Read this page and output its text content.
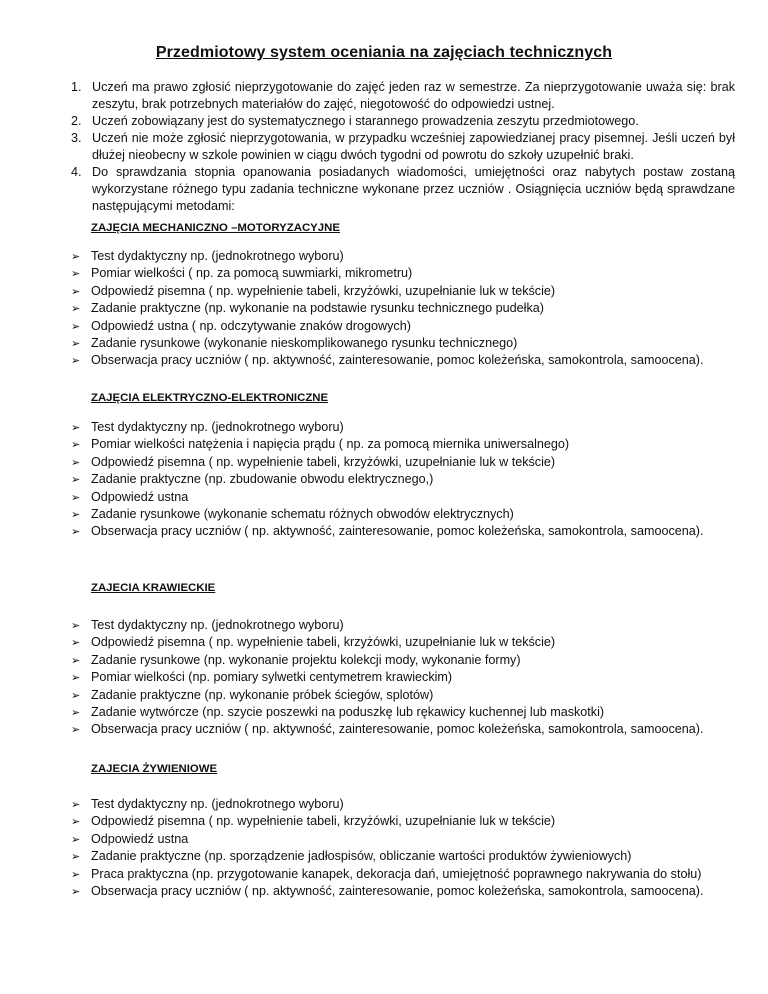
Przedmiotowy system oceniania na zajęciach technicznych
1. Uczeń ma prawo zgłosić nieprzygotowanie do zajęć jeden raz w semestrze. Za nieprzygotowanie uważa się: brak zeszytu, brak potrzebnych materiałów do zajęć, niegotowość do odpowiedzi ustnej.
2. Uczeń zobowiązany jest do systematycznego i starannego prowadzenia zeszytu przedmiotowego.
3. Uczeń nie może zgłosić nieprzygotowania, w przypadku wcześniej zapowiedzianej pracy pisemnej. Jeśli uczeń był dłużej nieobecny w szkole powinien w ciągu dwóch tygodni od powrotu do szkoły uzupełnić braki.
4. Do sprawdzania stopnia opanowania posiadanych wiadomości, umiejętności oraz nabytych postaw zostaną wykorzystane różnego typu zadania techniczne wykonane przez uczniów . Osiągnięcia uczniów będą sprawdzane następującymi metodami:
ZAJĘCIA MECHANICZNO –MOTORYZACYJNE
➢ Test dydaktyczny np. (jednokrotnego wyboru)
➢ Pomiar wielkości ( np. za pomocą suwmiarki, mikrometru)
➢ Odpowiedź pisemna ( np. wypełnienie tabeli, krzyżówki, uzupełnianie luk w tekście)
➢ Zadanie praktyczne (np. wykonanie na podstawie rysunku technicznego pudełka)
➢ Odpowiedź ustna ( np. odczytywanie znaków drogowych)
➢ Zadanie rysunkowe (wykonanie nieskomplikowanego rysunku technicznego)
➢ Obserwacja pracy uczniów ( np. aktywność, zainteresowanie, pomoc koleżeńska, samokontrola, samoocena).
ZAJĘCIA ELEKTRYCZNO-ELEKTRONICZNE
➢ Test dydaktyczny np. (jednokrotnego wyboru)
➢ Pomiar wielkości natężenia i napięcia prądu ( np. za pomocą miernika uniwersalnego)
➢ Odpowiedź pisemna ( np. wypełnienie tabeli, krzyżówki, uzupełnianie luk w tekście)
➢ Zadanie praktyczne (np. zbudowanie obwodu elektrycznego,)
➢ Odpowiedź ustna
➢ Zadanie rysunkowe (wykonanie schematu różnych obwodów elektrycznych)
➢ Obserwacja pracy uczniów ( np. aktywność, zainteresowanie, pomoc koleżeńska, samokontrola, samoocena).
ZAJECIA KRAWIECKIE
➢ Test dydaktyczny np. (jednokrotnego wyboru)
➢ Odpowiedź pisemna ( np. wypełnienie tabeli, krzyżówki, uzupełnianie luk w tekście)
➢ Zadanie rysunkowe (np. wykonanie projektu kolekcji mody, wykonanie formy)
➢ Pomiar wielkości (np. pomiary sylwetki centymetrem krawieckim)
➢ Zadanie praktyczne (np. wykonanie próbek ściegów, splotów)
➢ Zadanie wytwórcze (np. szycie poszewki na poduszkę lub rękawicy kuchennej lub maskotki)
➢ Obserwacja pracy uczniów ( np. aktywność, zainteresowanie, pomoc koleżeńska, samokontrola, samoocena).
ZAJECIA ŻYWIENIOWE
➢ Test dydaktyczny np. (jednokrotnego wyboru)
➢ Odpowiedź pisemna ( np. wypełnienie tabeli, krzyżówki, uzupełnianie luk w tekście)
➢ Odpowiedź ustna
➢ Zadanie praktyczne (np. sporządzenie jadłospisów, obliczanie wartości produktów żywieniowych)
➢ Praca praktyczna (np. przygotowanie kanapek, dekoracja dań, umiejętność poprawnego nakrywania do stołu)
➢ Obserwacja pracy uczniów ( np. aktywność, zainteresowanie, pomoc koleżeńska, samokontrola, samoocena).
